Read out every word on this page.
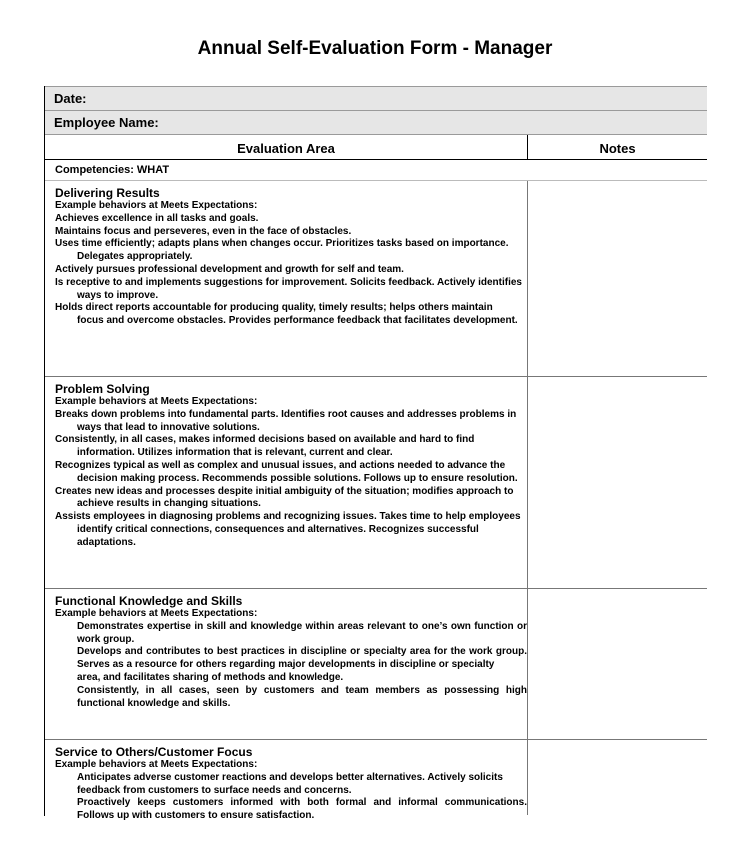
Annual Self-Evaluation Form - Manager
Date:
Employee Name:
Evaluation Area	Notes
Competencies: WHAT
Delivering Results
Example behaviors at Meets Expectations:
Achieves excellence in all tasks and goals.
Maintains focus and perseveres, even in the face of obstacles.
Uses time efficiently; adapts plans when changes occur. Prioritizes tasks based on importance. Delegates appropriately.
Actively pursues professional development and growth for self and team.
Is receptive to and implements suggestions for improvement. Solicits feedback. Actively identifies ways to improve.
Holds direct reports accountable for producing quality, timely results; helps others maintain
focus and overcome obstacles. Provides performance feedback that facilitates development.
Problem Solving
Example behaviors at Meets Expectations:
Breaks down problems into fundamental parts. Identifies root causes and addresses problems in ways that lead to innovative solutions.
Consistently, in all cases, makes informed decisions based on available and hard to find information. Utilizes information that is relevant, current and clear.
Recognizes typical as well as complex and unusual issues, and actions needed to advance the decision making process. Recommends possible solutions. Follows up to ensure resolution.
Creates new ideas and processes despite initial ambiguity of the situation; modifies approach to achieve results in changing situations.
Assists employees in diagnosing problems and recognizing issues. Takes time to help employees identify critical connections, consequences and alternatives. Recognizes successful adaptations.
Functional Knowledge and Skills
Example behaviors at Meets Expectations:
Demonstrates expertise in skill and knowledge within areas relevant to one’s own function or work group.
Develops and contributes to best practices in discipline or specialty area for the work group. Serves as a resource for others regarding major developments in discipline or specialty
area, and facilitates sharing of methods and knowledge.
Consistently, in all cases, seen by customers and team members as possessing high functional knowledge and skills.
Service to Others/Customer Focus
Example behaviors at Meets Expectations:
Anticipates adverse customer reactions and develops better alternatives. Actively solicits feedback from customers to surface needs and concerns.
Proactively keeps customers informed with both formal and informal communications. Follows up with customers to ensure satisfaction.
